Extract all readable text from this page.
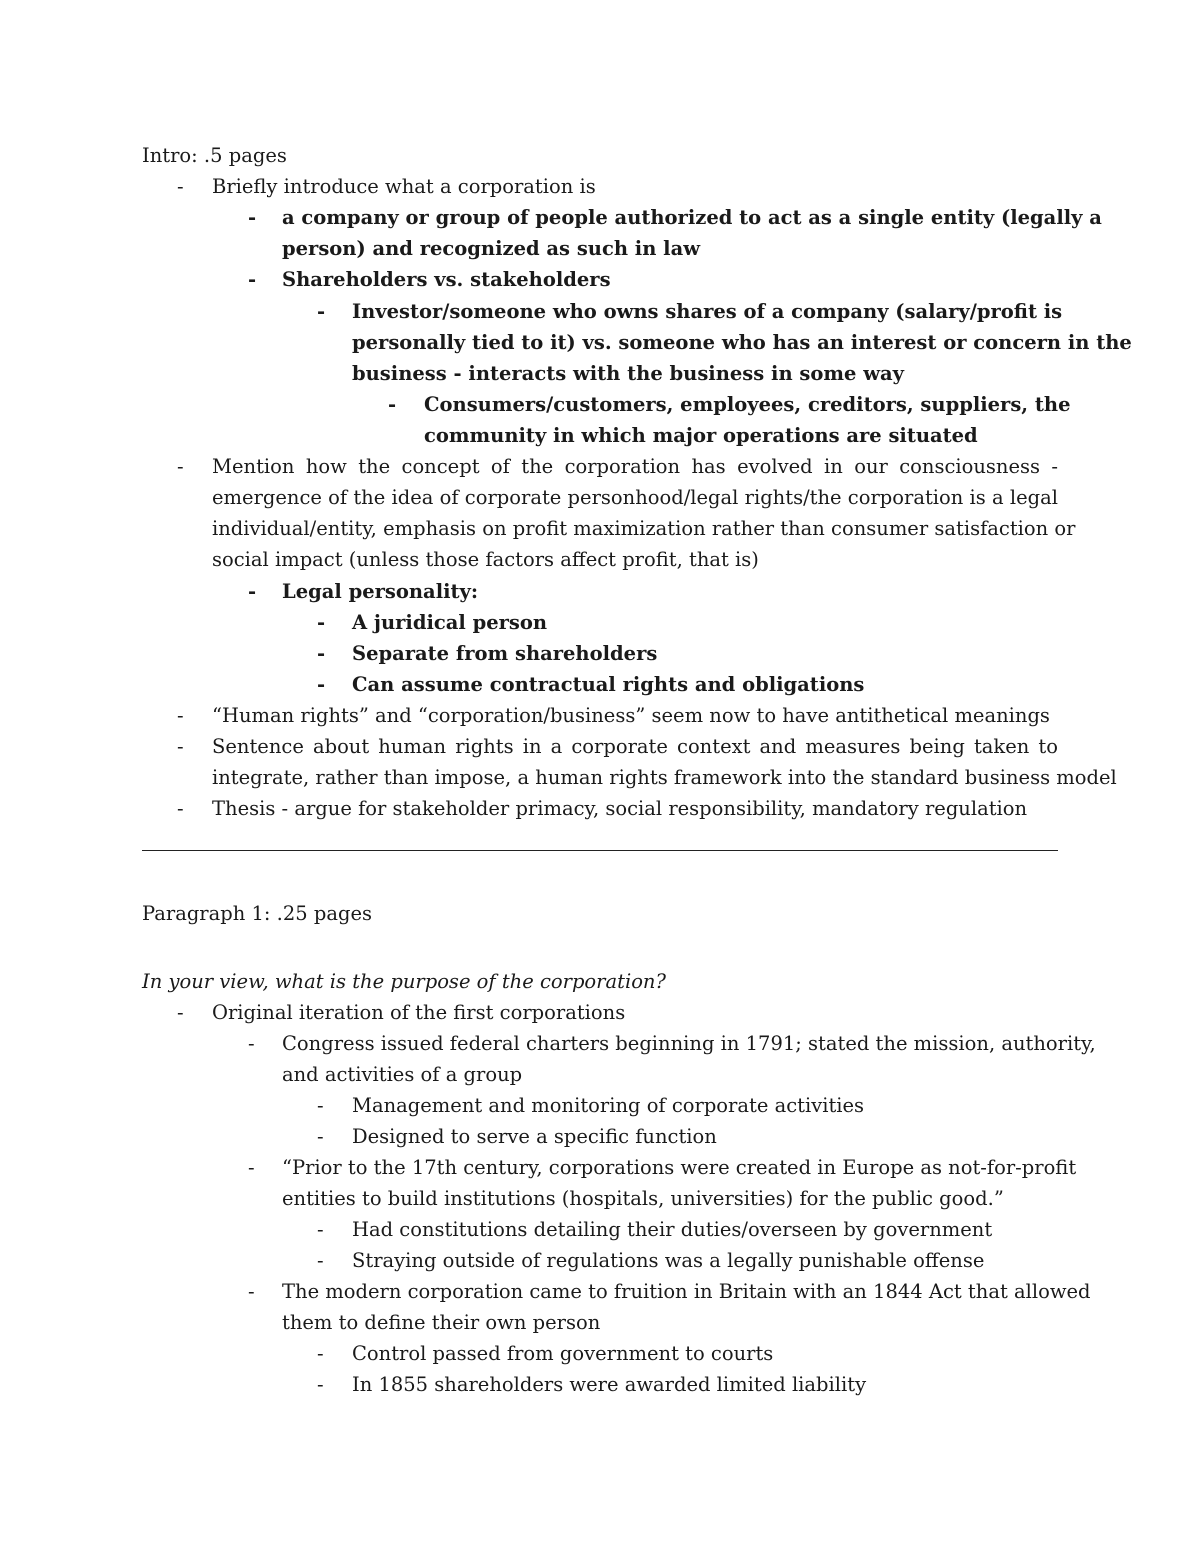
Intro: .5 pages
- Briefly introduce what a corporation is
- a company or group of people authorized to act as a single entity (legally a
person) and recognized as such in law
- Shareholders vs. stakeholders
- Investor/someone who owns shares of a company (salary/profit is
personally tied to it) vs. someone who has an interest or concern in the
business - interacts with the business in some way
- Consumers/customers, employees, creditors, suppliers, the
community in which major operations are situated
- Mention how the concept of the corporation has evolved in our consciousness -
emergence of the idea of corporate personhood/legal rights/the corporation is a legal
individual/entity, emphasis on profit maximization rather than consumer satisfaction or
social impact (unless those factors affect profit, that is)
- Legal personality:
- A juridical person
- Separate from shareholders
- Can assume contractual rights and obligations
- “Human rights” and “corporation/business” seem now to have antithetical meanings
- Sentence about human rights in a corporate context and measures being taken to
integrate, rather than impose, a human rights framework into the standard business model
- Thesis - argue for stakeholder primacy, social responsibility, mandatory regulation
Paragraph 1: .25 pages
In your view, what is the purpose of the corporation?
- Original iteration of the first corporations
- Congress issued federal charters beginning in 1791; stated the mission, authority,
and activities of a group
- Management and monitoring of corporate activities
- Designed to serve a specific function
- “Prior to the 17th century, corporations were created in Europe as not-for-profit
entities to build institutions (hospitals, universities) for the public good.”
- Had constitutions detailing their duties/overseen by government
- Straying outside of regulations was a legally punishable offense
- The modern corporation came to fruition in Britain with an 1844 Act that allowed
them to define their own person
- Control passed from government to courts
- In 1855 shareholders were awarded limited liability
